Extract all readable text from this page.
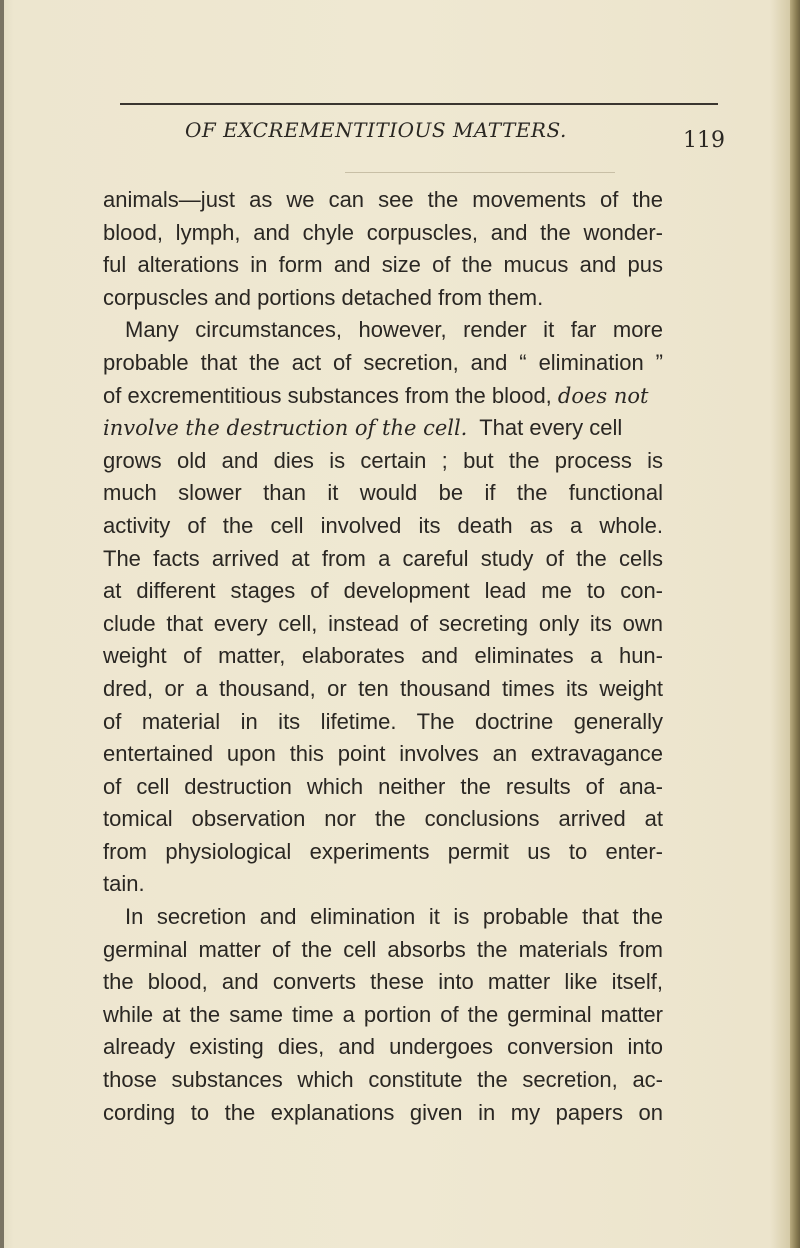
OF EXCREMENTITIOUS MATTERS.	119
animals—just as we can see the movements of the
blood, lymph, and chyle corpuscles, and the wonder-
ful alterations in form and size of the mucus and pus
corpuscles and portions detached from them.
Many circumstances, however, render it far more
probable that the act of secretion, and “ elimination ”
of excrementitious substances from the blood, does not
involve the destruction of the cell. That every cell
grows old and dies is certain ; but the process is
much slower than it would be if the functional
activity of the cell involved its death as a whole.
The facts arrived at from a careful study of the cells
at different stages of development lead me to con-
clude that every cell, instead of secreting only its own
weight of matter, elaborates and eliminates a hun-
dred, or a thousand, or ten thousand times its weight
of material in its lifetime. The doctrine generally
entertained upon this point involves an extravagance
of cell destruction which neither the results of ana-
tomical observation nor the conclusions arrived at
from physiological experiments permit us to enter-
tain.
In secretion and elimination it is probable that the
germinal matter of the cell absorbs the materials from
the blood, and converts these into matter like itself,
while at the same time a portion of the germinal matter
already existing dies, and undergoes conversion into
those substances which constitute the secretion, ac-
cording to the explanations given in my papers on
